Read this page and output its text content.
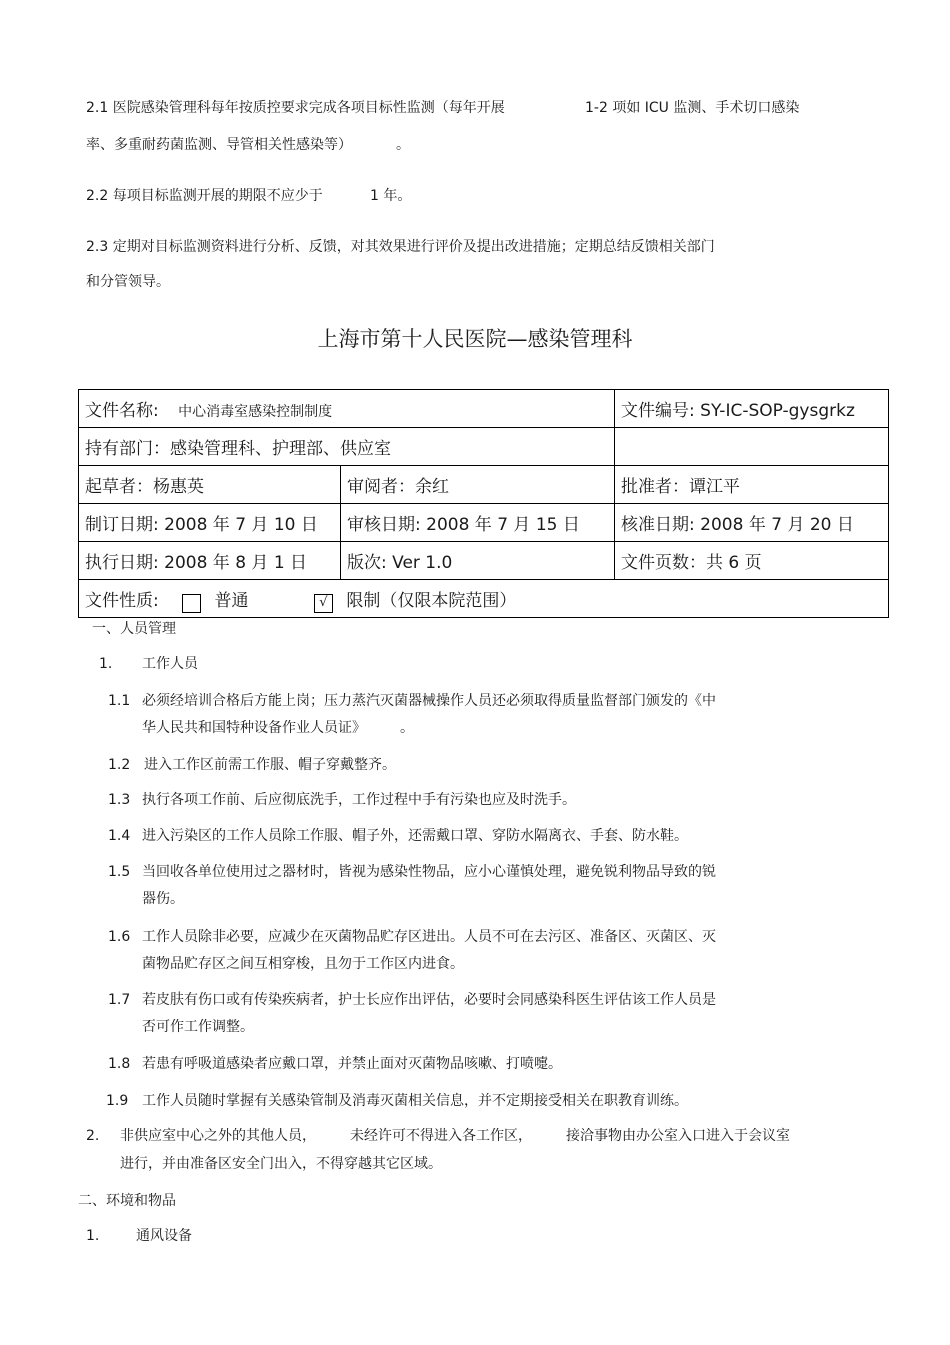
2.1 医院感染管理科每年按质控要求完成各项目标性监测（每年开展	1-2 项如 ICU 监测、手术切口感染
率、多重耐药菌监测、导管相关性感染等）	。
2.2 每项目标监测开展的期限不应少于	1 年。
2.3 定期对目标监测资料进行分析、反馈，对其效果进行评价及提出改进措施；定期总结反馈相关部门
和分管领导。
上海市第十人民医院—感染管理科
文件名称: 中心消毒室感染控制制度		文件编号: SY-IC-SOP-gysgrkz
持有部门：感染管理科、护理部、供应室		
起草者：杨惠英	审阅者：余红	批准者：谭江平
制订日期: 2008 年 7 月 10 日	审核日期: 2008 年 7 月 15 日	核准日期: 2008 年 7 月 20 日
执行日期: 2008 年 8 月 1 日	版次: Ver 1.0	文件页数：共 6 页
文件性质: 普通 √ 限制（仅限本院范围）		
一、人员管理
1. 工作人员
1.1 必须经培训合格后方能上岗；压力蒸汽灭菌器械操作人员还必须取得质量监督部门颁发的《中
华人民共和国特种设备作业人员证》 。
1.2 进入工作区前需工作服、帽子穿戴整齐。
1.3 执行各项工作前、后应彻底洗手，工作过程中手有污染也应及时洗手。
1.4 进入污染区的工作人员除工作服、帽子外，还需戴口罩、穿防水隔离衣、手套、防水鞋。
1.5 当回收各单位使用过之器材时，皆视为感染性物品，应小心谨慎处理，避免锐利物品导致的锐
器伤。
1.6 工作人员除非必要，应减少在灭菌物品贮存区进出。人员不可在去污区、准备区、灭菌区、灭
菌物品贮存区之间互相穿梭，且勿于工作区内进食。
1.7 若皮肤有伤口或有传染疾病者，护士长应作出评估，必要时会同感染科医生评估该工作人员是
否可作工作调整。
1.8 若患有呼吸道感染者应戴口罩，并禁止面对灭菌物品咳嗽、打喷嚏。
1.9 工作人员随时掌握有关感染管制及消毒灭菌相关信息，并不定期接受相关在职教育训练。
2. 非供应室中心之外的其他人员， 未经许可不得进入各工作区， 接洽事物由办公室入口进入于会议室
进行，并由准备区安全门出入，不得穿越其它区域。
二、环境和物品
1.	通风设备
